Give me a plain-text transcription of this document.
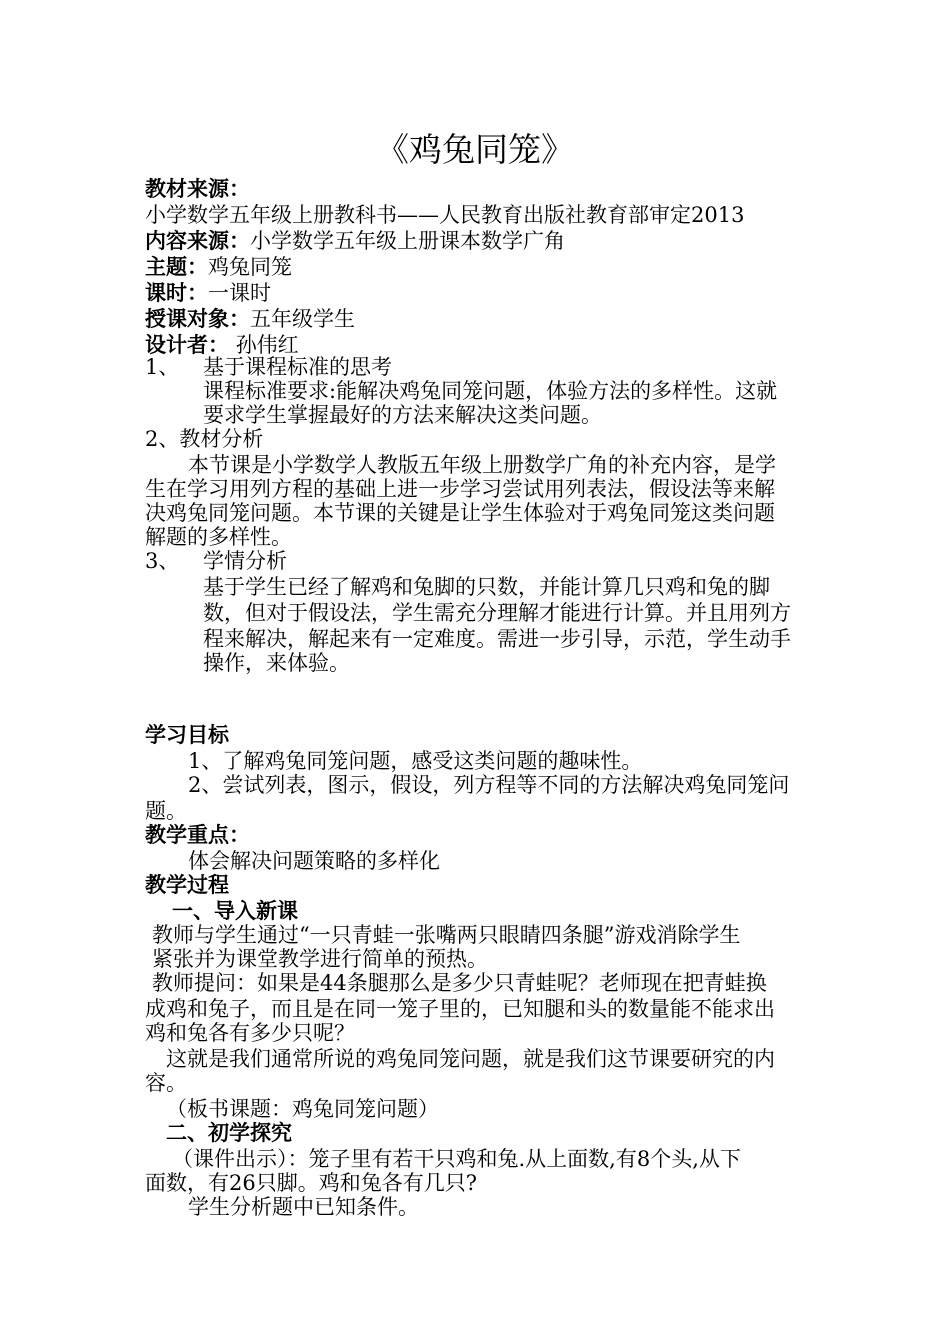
《鸡兔同笼》
教材来源：
小学数学五年级上册教科书——人民教育出版社教育部审定2013
内容来源：小学数学五年级上册课本数学广角
主题：鸡兔同笼
课时：一课时
授课对象：五年级学生
设计者： 孙伟红
1、 基于课程标准的思考
课程标准要求:能解决鸡兔同笼问题，体验方法的多样性。这就
要求学生掌握最好的方法来解决这类问题。
2、教材分析
本节课是小学数学人教版五年级上册数学广角的补充内容，是学
生在学习用列方程的基础上进一步学习尝试用列表法，假设法等来解
决鸡兔同笼问题。本节课的关键是让学生体验对于鸡兔同笼这类问题
解题的多样性。
3、 学情分析
基于学生已经了解鸡和兔脚的只数，并能计算几只鸡和兔的脚
数，但对于假设法，学生需充分理解才能进行计算。并且用列方
程来解决，解起来有一定难度。需进一步引导，示范，学生动手
操作，来体验。
学习目标
1、了解鸡兔同笼问题，感受这类问题的趣味性。
2、尝试列表，图示，假设，列方程等不同的方法解决鸡兔同笼问
题。
教学重点：
体会解决问题策略的多样化
教学过程
一、导入新课
教师与学生通过“一只青蛙一张嘴两只眼睛四条腿”游戏消除学生
紧张并为课堂教学进行简单的预热。
教师提问：如果是44条腿那么是多少只青蛙呢？老师现在把青蛙换
成鸡和兔子，而且是在同一笼子里的，已知腿和头的数量能不能求出
鸡和兔各有多少只呢？
这就是我们通常所说的鸡兔同笼问题，就是我们这节课要研究的内
容。
（板书课题：鸡兔同笼问题）
二、初学探究
（课件出示）：笼子里有若干只鸡和兔.从上面数,有8个头,从下
面数，有26只脚。鸡和兔各有几只?
学生分析题中已知条件。
